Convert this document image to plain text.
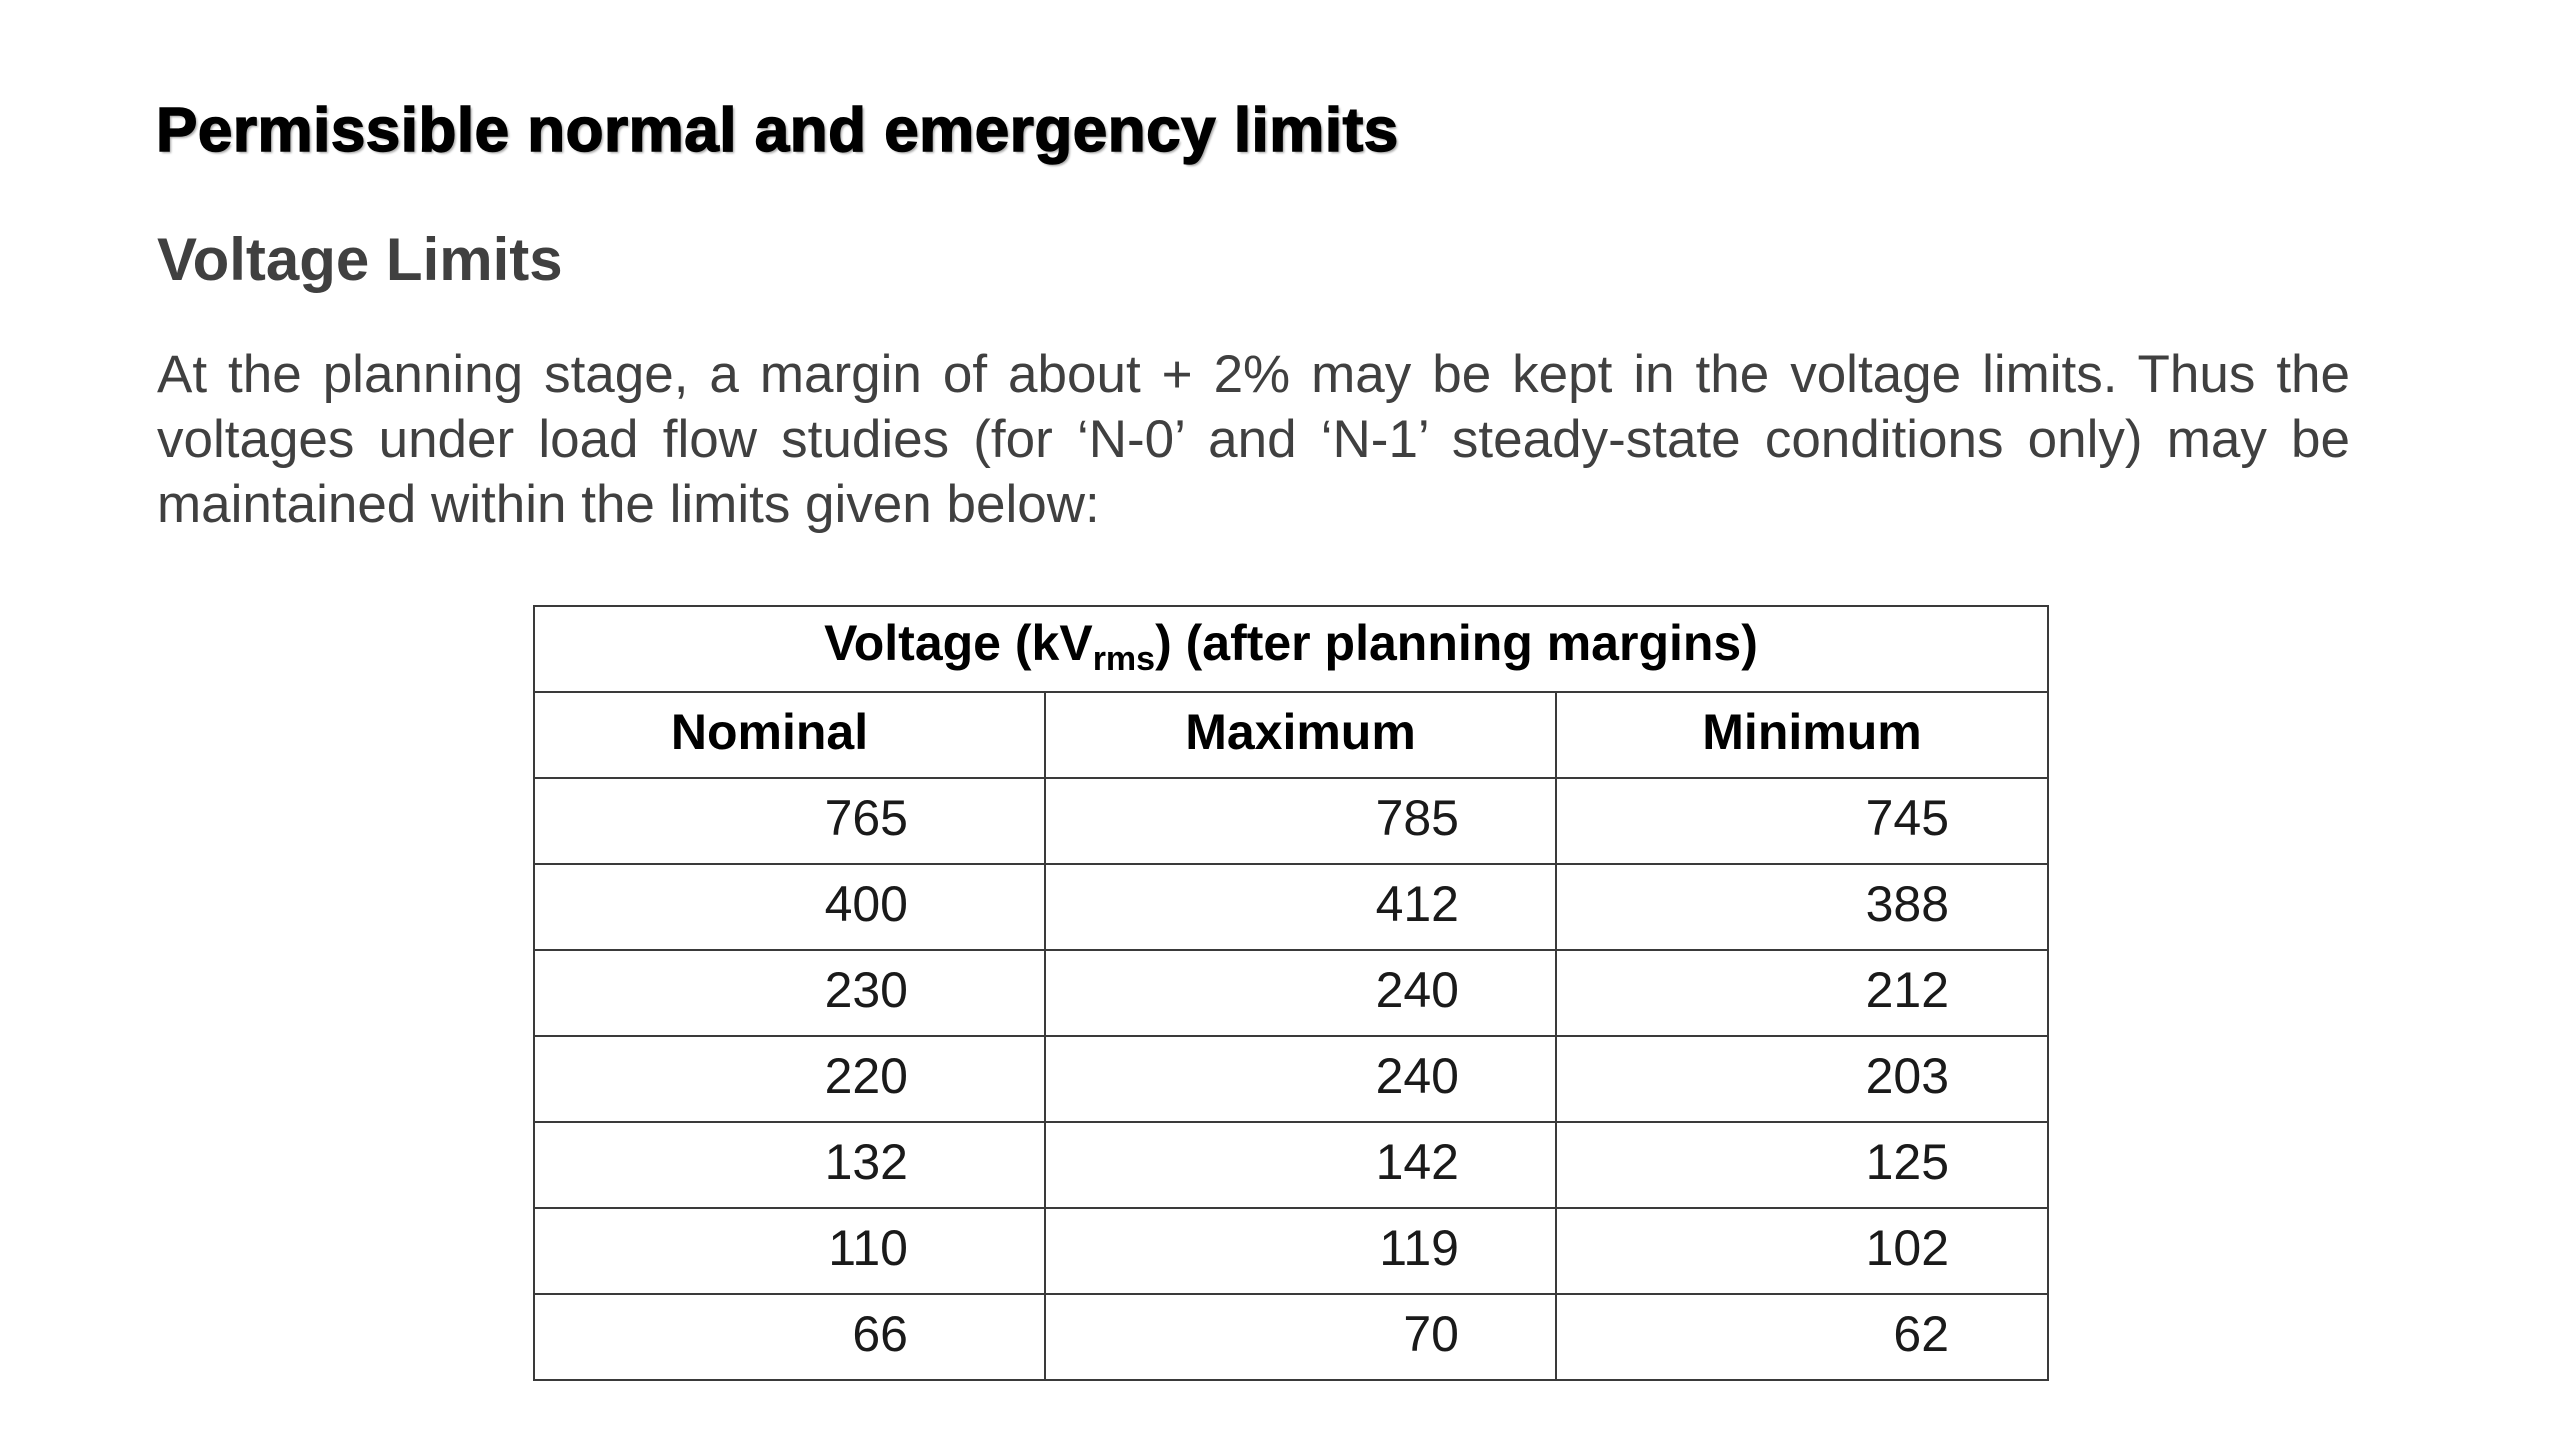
Permissible normal and emergency limits
Voltage Limits

At the planning stage, a margin of about + 2% may be kept in the voltage limits. Thus the voltages under load flow studies (for ‘N-0’ and ‘N-1’ steady-state conditions only) may be maintained within the limits given below:

Voltage $(kV_{rms})$ (after planning margins)		
Nominal	Maximum	Minimum
765	785	745
400	412	388
230	240	212
220	240	203
132	142	125
110	119	102
66	70	62
